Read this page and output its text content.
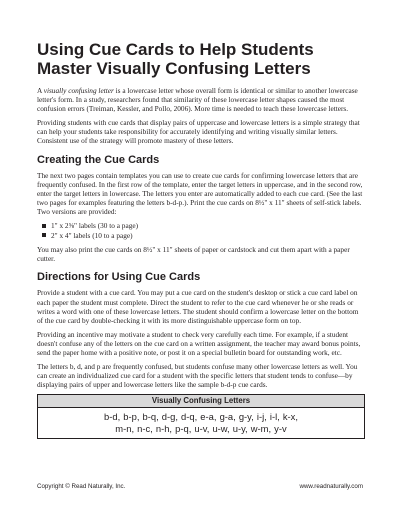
Using Cue Cards to Help Students
Master Visually Confusing Letters

A visually confusing letter is a lowercase letter whose overall form is identical or similar to another lowercase letter's form. In a study, researchers found that similarity of these lowercase letter shapes caused the most confusion errors (Treiman, Kessler, and Pollo, 2006). More time is needed to teach these lowercase letters.

Providing students with cue cards that display pairs of uppercase and lowercase letters is a simple strategy that can help your students take responsibility for accurately identifying and writing visually similar letters. Consistent use of the strategy will promote mastery of these letters.

Creating the Cue Cards

The next two pages contain templates you can use to create cue cards for confirming lowercase letters that are frequently confused. In the first row of the template, enter the target letters in uppercase, and in the second row, enter the target letters in lowercase. The letters you enter are automatically added to each cue card. (See the last two pages for examples featuring the letters b-d-p.). Print the cue cards on 8½" x 11" sheets of self-stick labels. Two versions are provided:

1" x 2⅝" labels (30 to a page)
2" x 4" labels (10 to a page)

You may also print the cue cards on 8½" x 11" sheets of paper or cardstock and cut them apart with a paper cutter.

Directions for Using Cue Cards

Provide a student with a cue card. You may put a cue card on the student's desktop or stick a cue card label on each paper the student must complete. Direct the student to refer to the cue card whenever he or she reads or writes a word with one of these lowercase letters. The student should confirm a lowercase letter on the bottom of the cue card by double-checking it with its more distinguishable uppercase form on top.

Providing an incentive may motivate a student to check very carefully each time. For example, if a student doesn't confuse any of the letters on the cue card on a written assignment, the teacher may award bonus points, send the paper home with a positive note, or post it on a special bulletin board for outstanding work, etc.

The letters b, d, and p are frequently confused, but students confuse many other lowercase letters as well. You can create an individualized cue card for a student with the specific letters that student tends to confuse—by displaying pairs of upper and lowercase letters like the sample b-d-p cue cards.

Visually Confusing Letters
b-d, b-p, b-q, d-g, d-q, e-a, g-a, g-y, i-j, i-l, k-x,
m-n, n-c, n-h, p-q, u-v, u-w, u-y, w-m, y-v
Copyright © Read Naturally, Inc.	www.readnaturally.com
